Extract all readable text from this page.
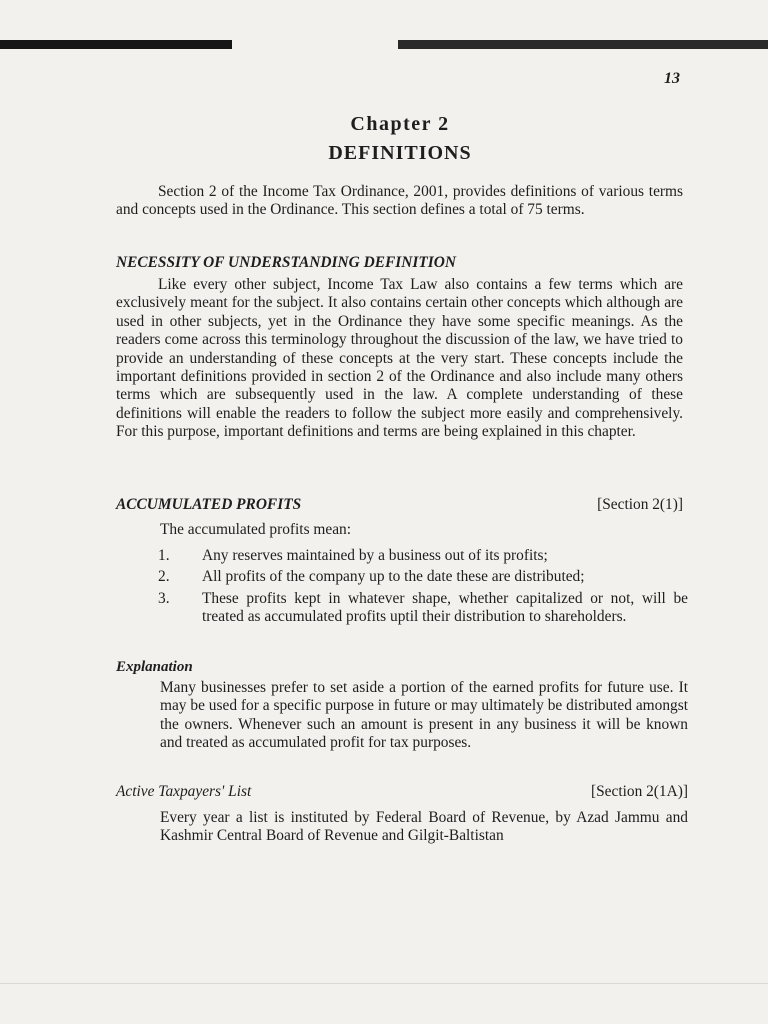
13
Chapter 2
DEFINITIONS
Section 2 of the Income Tax Ordinance, 2001, provides definitions of various terms and concepts used in the Ordinance. This section defines a total of 75 terms.
NECESSITY OF UNDERSTANDING DEFINITION
Like every other subject, Income Tax Law also contains a few terms which are exclusively meant for the subject. It also contains certain other concepts which although are used in other subjects, yet in the Ordinance they have some specific meanings. As the readers come across this terminology throughout the discussion of the law, we have tried to provide an understanding of these concepts at the very start. These concepts include the important definitions provided in section 2 of the Ordinance and also include many others terms which are subsequently used in the law. A complete understanding of these definitions will enable the readers to follow the subject more easily and comprehensively. For this purpose, important definitions and terms are being explained in this chapter.
ACCUMULATED PROFITS	[Section 2(1)]
The accumulated profits mean:
1.	Any reserves maintained by a business out of its profits;
2.	All profits of the company up to the date these are distributed;
3.	These profits kept in whatever shape, whether capitalized or not, will be treated as accumulated profits uptil their distribution to shareholders.
Explanation
Many businesses prefer to set aside a portion of the earned profits for future use. It may be used for a specific purpose in future or may ultimately be distributed amongst the owners. Whenever such an amount is present in any business it will be known and treated as accumulated profit for tax purposes.
Active Taxpayers' List	[Section 2(1A)]
Every year a list is instituted by Federal Board of Revenue, by Azad Jammu and Kashmir Central Board of Revenue and Gilgit-Baltistan
